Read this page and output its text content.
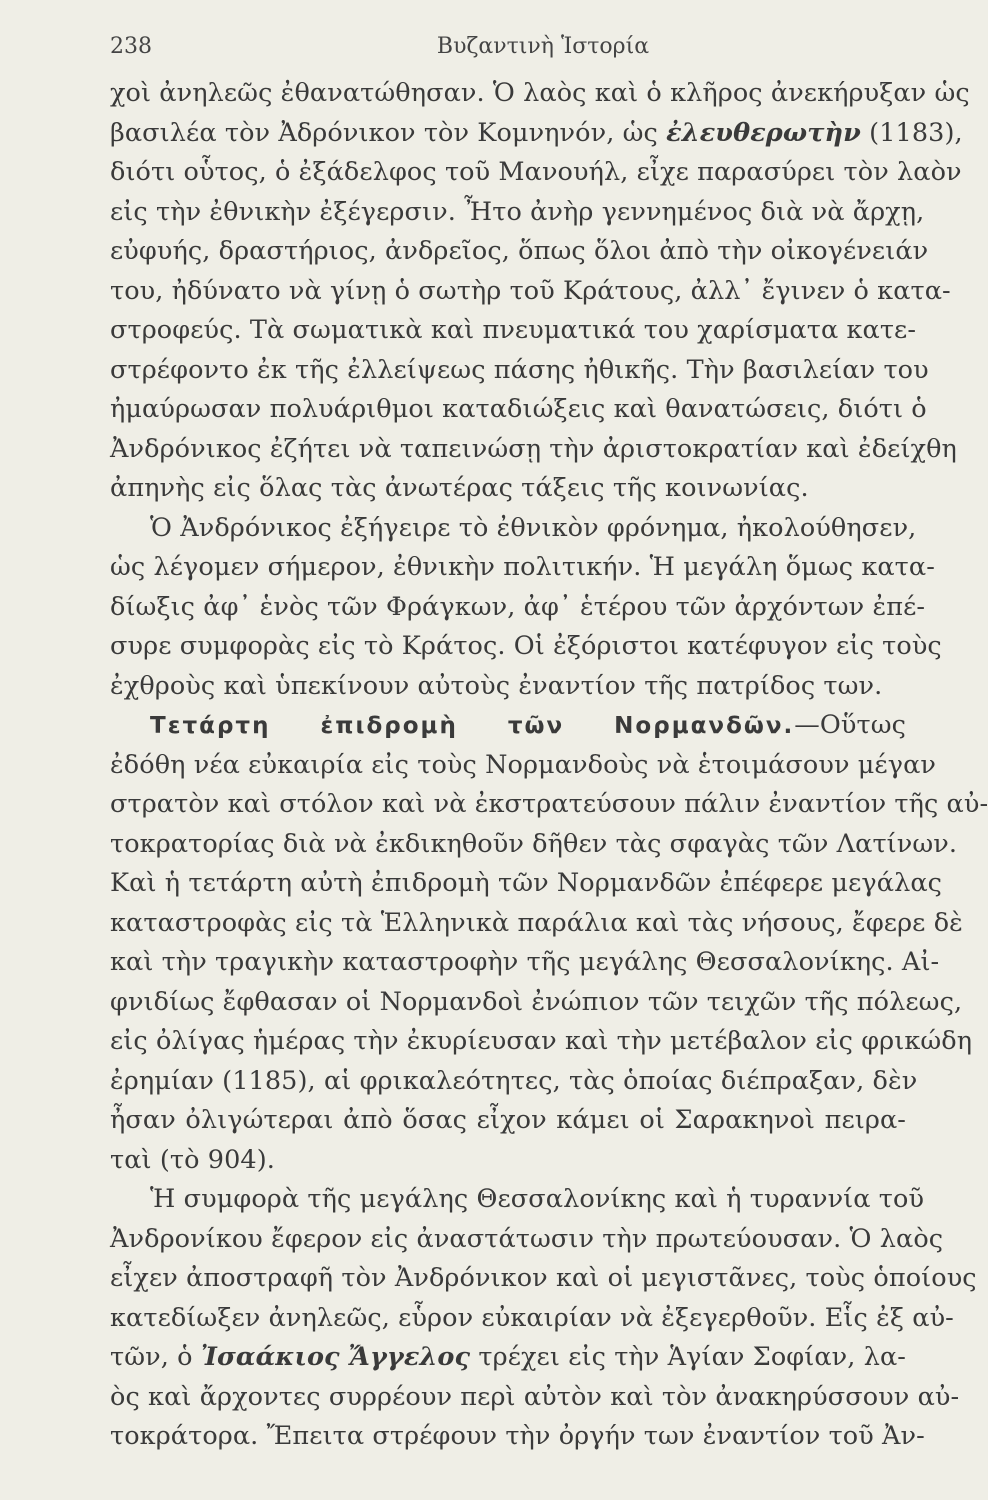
238	Βυζαντινὴ Ἱστορία
χοὶ ἀνηλεῶς ἐθανατώθησαν. Ὁ λαὸς καὶ ὁ κλῆρος ἀνεκήρυξαν ὡς
βασιλέα τὸν Ἀδρόνικον τὸν Κομνηνόν, ὡς ἐλευθερωτὴν (1183),
διότι οὗτος, ὁ ἐξάδελφος τοῦ Μανουήλ, εἶχε παρασύρει τὸν λαὸν
εἰς τὴν ἐθνικὴν ἐξέγερσιν. Ἦτο ἀνὴρ γεννημένος διὰ νὰ ἄρχῃ,
εὐφυής, δραστήριος, ἀνδρεῖος, ὅπως ὅλοι ἀπὸ τὴν οἰκογένειάν
του, ἠδύνατο νὰ γίνῃ ὁ σωτὴρ τοῦ Κράτους, ἀλλ᾽ ἔγινεν ὁ κατα-
στροφεύς. Τὰ σωματικὰ καὶ πνευματικά του χαρίσματα κατε-
στρέφοντο ἐκ τῆς ἐλλείψεως πάσης ἠθικῆς. Τὴν βασιλείαν του
ἠμαύρωσαν πολυάριθμοι καταδιώξεις καὶ θανατώσεις, διότι ὁ
Ἀνδρόνικος ἐζήτει νὰ ταπεινώσῃ τὴν ἀριστοκρατίαν καὶ ἐδείχθη
ἀπηνὴς εἰς ὅλας τὰς ἀνωτέρας τάξεις τῆς κοινωνίας.
Ὁ Ἀνδρόνικος ἐξήγειρε τὸ ἐθνικὸν φρόνημα, ἠκολούθησεν,
ὡς λέγομεν σήμερον, ἐθνικὴν πολιτικήν. Ἡ μεγάλη ὅμως κατα-
δίωξις ἀφ᾽ ἑνὸς τῶν Φράγκων, ἀφ᾽ ἑτέρου τῶν ἀρχόντων ἐπέ-
συρε συμφορὰς εἰς τὸ Κράτος. Οἱ ἐξόριστοι κατέφυγον εἰς τοὺς
ἐχθροὺς καὶ ὑπεκίνουν αὐτοὺς ἐναντίον τῆς πατρίδος των.
Τετάρτη ἐπιδρομὴ τῶν Νορμανδῶν.—Οὕτως
ἐδόθη νέα εὐκαιρία εἰς τοὺς Νορμανδοὺς νὰ ἑτοιμάσουν μέγαν
στρατὸν καὶ στόλον καὶ νὰ ἐκστρατεύσουν πάλιν ἐναντίον τῆς αὐ-
τοκρατορίας διὰ νὰ ἐκδικηθοῦν δῆθεν τὰς σφαγὰς τῶν Λατίνων.
Καὶ ἡ τετάρτη αὐτὴ ἐπιδρομὴ τῶν Νορμανδῶν ἐπέφερε μεγάλας
καταστροφὰς εἰς τὰ Ἑλληνικὰ παράλια καὶ τὰς νήσους, ἔφερε δὲ
καὶ τὴν τραγικὴν καταστροφὴν τῆς μεγάλης Θεσσαλονίκης. Αἰ-
φνιδίως ἔφθασαν οἱ Νορμανδοὶ ἐνώπιον τῶν τειχῶν τῆς πόλεως,
εἰς ὀλίγας ἡμέρας τὴν ἐκυρίευσαν καὶ τὴν μετέβαλον εἰς φρικώδη
ἐρημίαν (1185), αἱ φρικαλεότητες, τὰς ὁποίας διέπραξαν, δὲν
ἦσαν ὀλιγώτεραι ἀπὸ ὅσας εἶχον κάμει οἱ Σαρακηνοὶ πειρα-
ταὶ (τὸ 904).
Ἡ συμφορὰ τῆς μεγάλης Θεσσαλονίκης καὶ ἡ τυραννία τοῦ
Ἀνδρονίκου ἔφερον εἰς ἀναστάτωσιν τὴν πρωτεύουσαν. Ὁ λαὸς
εἶχεν ἀποστραφῆ τὸν Ἀνδρόνικον καὶ οἱ μεγιστᾶνες, τοὺς ὁποίους
κατεδίωξεν ἀνηλεῶς, εὗρον εὐκαιρίαν νὰ ἐξεγερθοῦν. Εἷς ἐξ αὐ-
τῶν, ὁ Ἰσαάκιος Ἄγγελος τρέχει εἰς τὴν Ἁγίαν Σοφίαν, λα-
ὸς καὶ ἄρχοντες συρρέουν περὶ αὐτὸν καὶ τὸν ἀνακηρύσσουν αὐ-
τοκράτορα. Ἔπειτα στρέφουν τὴν ὀργήν των ἐναντίον τοῦ Ἀν-
